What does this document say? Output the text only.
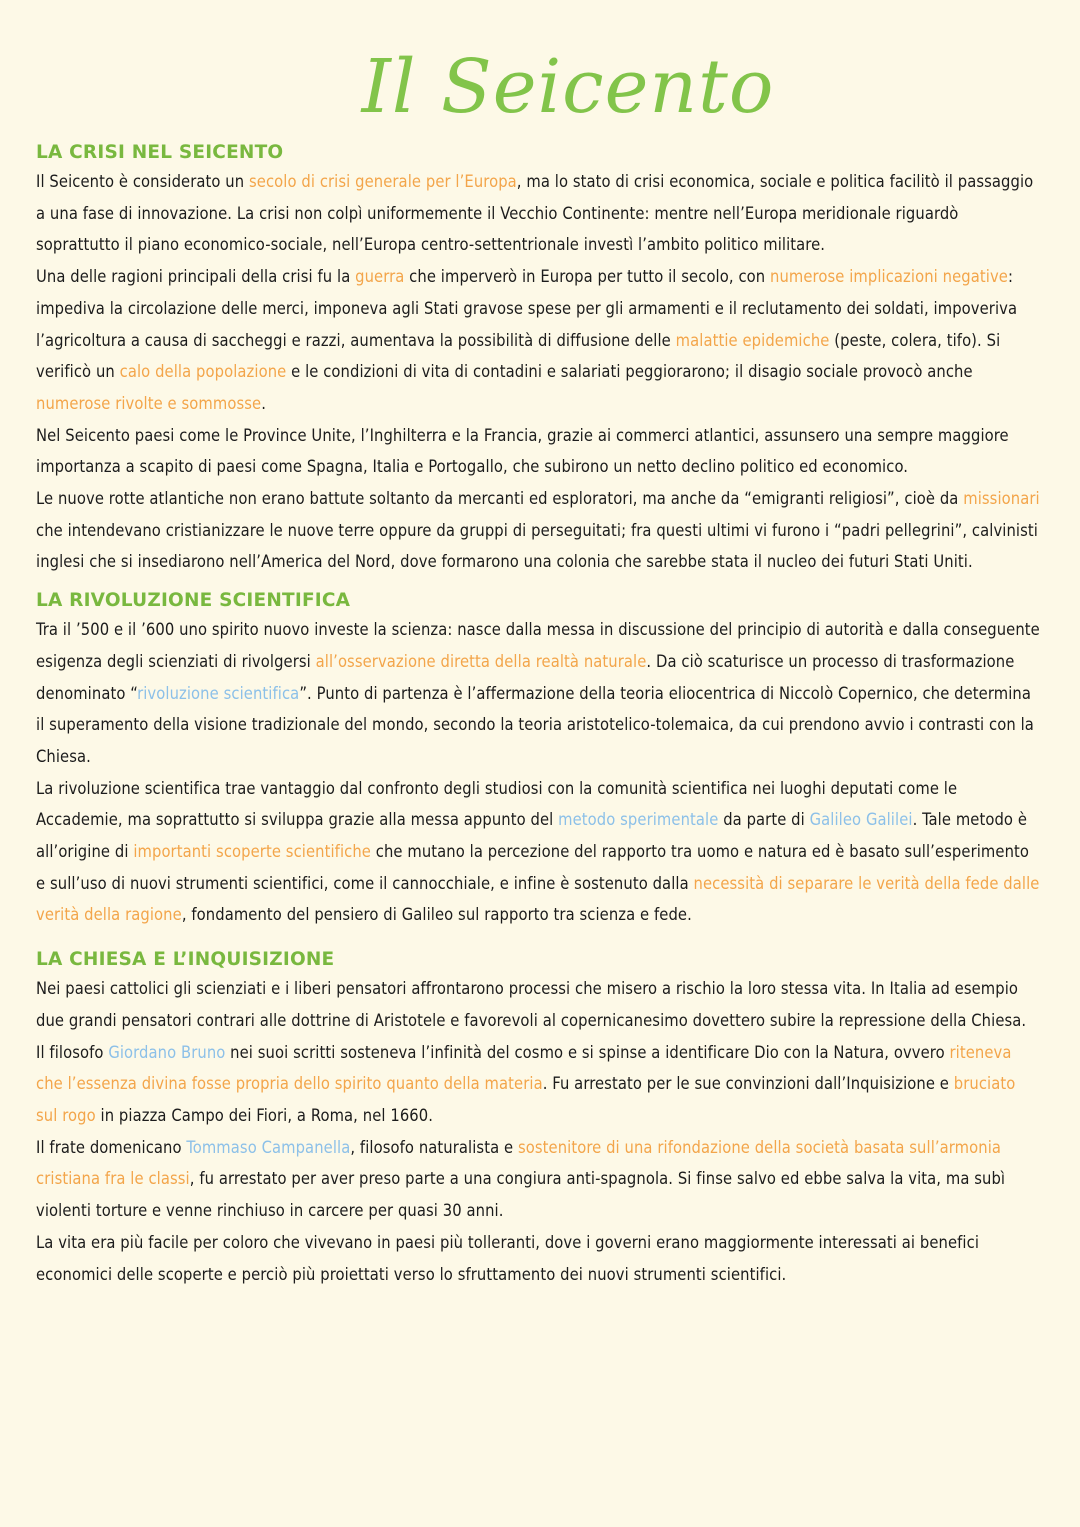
Il Seicento
LA CRISI NEL SEICENTO

Il Seicento è considerato un secolo di crisi generale per l’Europa, ma lo stato di crisi economica, sociale e politica facilitò il passaggio a una fase di innovazione. La crisi non colpì uniformemente il Vecchio Continente: mentre nell’Europa meridionale riguardò soprattutto il piano economico-sociale, nell’Europa centro-settentrionale investì l’ambito politico militare.

Una delle ragioni principali della crisi fu la guerra che imperverò in Europa per tutto il secolo, con numerose implicazioni negative: impediva la circolazione delle merci, imponeva agli Stati gravose spese per gli armamenti e il reclutamento dei soldati, impoveriva l’agricoltura a causa di saccheggi e razzi, aumentava la possibilità di diffusione delle malattie epidemiche (peste, colera, tifo). Si verificò un calo della popolazione e le condizioni di vita di contadini e salariati peggiorarono; il disagio sociale provocò anche numerose rivolte e sommosse.

Nel Seicento paesi come le Province Unite, l’Inghilterra e la Francia, grazie ai commerci atlantici, assunsero una sempre maggiore importanza a scapito di paesi come Spagna, Italia e Portogallo, che subirono un netto declino politico ed economico.

Le nuove rotte atlantiche non erano battute soltanto da mercanti ed esploratori, ma anche da “emigranti religiosi”, cioè da missionari che intendevano cristianizzare le nuove terre oppure da gruppi di perseguitati; fra questi ultimi vi furono i “padri pellegrini”, calvinisti inglesi che si insediarono nell’America del Nord, dove formarono una colonia che sarebbe stata il nucleo dei futuri Stati Uniti.

LA RIVOLUZIONE SCIENTIFICA

Tra il ’500 e il ’600 uno spirito nuovo investe la scienza: nasce dalla messa in discussione del principio di autorità e dalla conseguente esigenza degli scienziati di rivolgersi all’osservazione diretta della realtà naturale. Da ciò scaturisce un processo di trasformazione denominato “rivoluzione scientifica”. Punto di partenza è l’affermazione della teoria eliocentrica di Niccolò Copernico, che determina il superamento della visione tradizionale del mondo, secondo la teoria aristotelico-tolemaica, da cui prendono avvio i contrasti con la Chiesa.

La rivoluzione scientifica trae vantaggio dal confronto degli studiosi con la comunità scientifica nei luoghi deputati come le Accademie, ma soprattutto si sviluppa grazie alla messa appunto del metodo sperimentale da parte di Galileo Galilei. Tale metodo è all’origine di importanti scoperte scientifiche che mutano la percezione del rapporto tra uomo e natura ed è basato sull’esperimento e sull’uso di nuovi strumenti scientifici, come il cannocchiale, e infine è sostenuto dalla necessità di separare le verità della fede dalle verità della ragione, fondamento del pensiero di Galileo sul rapporto tra scienza e fede.

LA CHIESA E L’INQUISIZIONE

Nei paesi cattolici gli scienziati e i liberi pensatori affrontarono processi che misero a rischio la loro stessa vita. In Italia ad esempio due grandi pensatori contrari alle dottrine di Aristotele e favorevoli al copernicanesimo dovettero subire la repressione della Chiesa.

Il filosofo Giordano Bruno nei suoi scritti sosteneva l’infinità del cosmo e si spinse a identificare Dio con la Natura, ovvero riteneva che l’essenza divina fosse propria dello spirito quanto della materia. Fu arrestato per le sue convinzioni dall’Inquisizione e bruciato sul rogo in piazza Campo dei Fiori, a Roma, nel 1660.

Il frate domenicano Tommaso Campanella, filosofo naturalista e sostenitore di una rifondazione della società basata sull’armonia cristiana fra le classi, fu arrestato per aver preso parte a una congiura anti-spagnola. Si finse salvo ed ebbe salva la vita, ma subì violenti torture e venne rinchiuso in carcere per quasi 30 anni.

La vita era più facile per coloro che vivevano in paesi più tolleranti, dove i governi erano maggiormente interessati ai benefici economici delle scoperte e perciò più proiettati verso lo sfruttamento dei nuovi strumenti scientifici.
